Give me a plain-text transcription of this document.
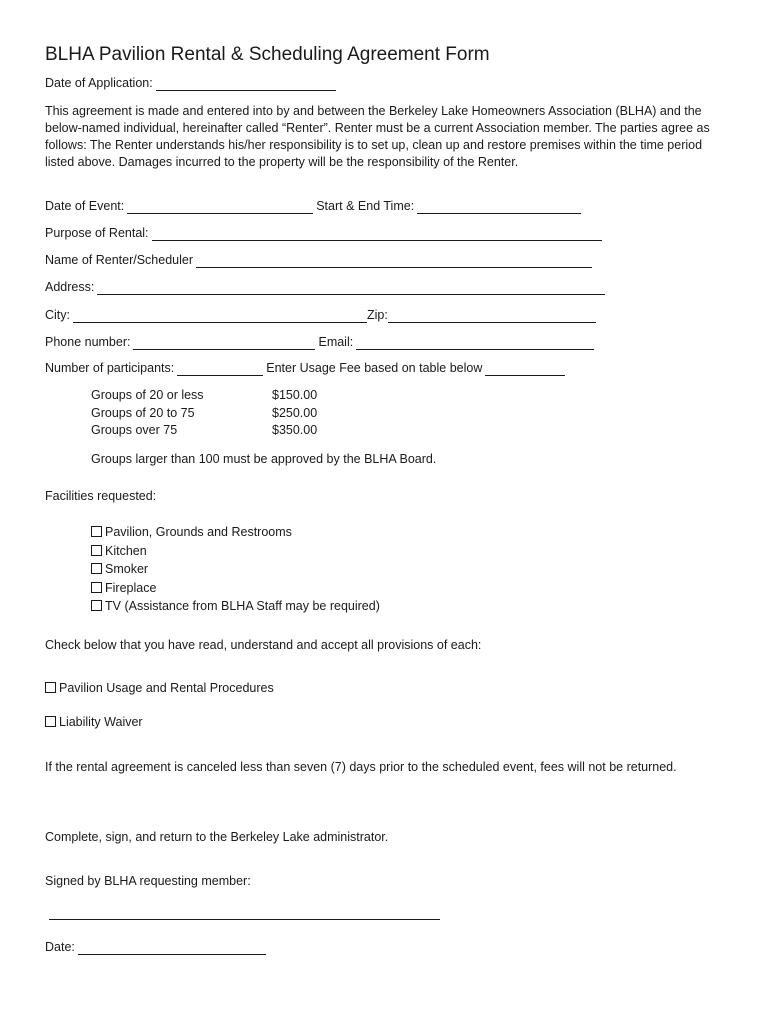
BLHA Pavilion Rental & Scheduling Agreement Form
Date of Application:

This agreement is made and entered into by and between the Berkeley Lake Homeowners Association (BLHA) and the below-named individual, hereinafter called “Renter”. Renter must be a current Association member. The parties agree as follows: The Renter understands his/her responsibility is to set up, clean up and restore premises within the time period listed above. Damages incurred to the property will be the responsibility of the Renter.

Date of Event:	Start & End Time:
Purpose of Rental:
Name of Renter/Scheduler
Address:
City:	Zip:
Phone number:	Email:
Number of participants:	Enter Usage Fee based on table below
Groups of 20 or less	$150.00
Groups of 20 to 75	$250.00
Groups over 75	$350.00

Groups larger than 100 must be approved by the BLHA Board.

Facilities requested:

Pavilion, Grounds and Restrooms
Kitchen
Smoker
Fireplace
TV (Assistance from BLHA Staff may be required)

Check below that you have read, understand and accept all provisions of each:

Pavilion Usage and Rental Procedures
Liability Waiver

If the rental agreement is canceled less than seven (7) days prior to the scheduled event, fees will not be returned.

Complete, sign, and return to the Berkeley Lake administrator.

Signed by BLHA requesting member:

Date:
